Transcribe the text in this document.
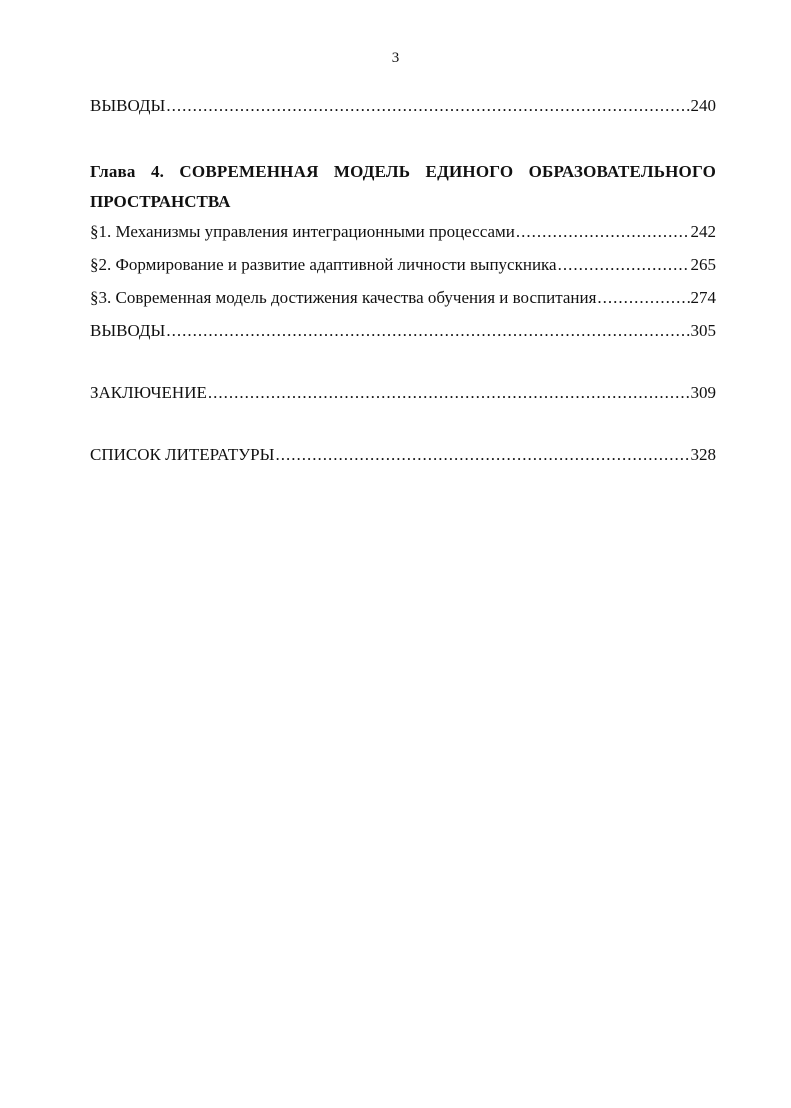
3
ВЫВОДЫ .....	240
Глава 4. СОВРЕМЕННАЯ МОДЕЛЬ ЕДИНОГО ОБРАЗОВАТЕЛЬНОГО
ПРОСТРАНСТВА
§1. Механизмы управления интеграционными процессами .....	242
§2. Формирование и развитие адаптивной личности выпускника .....	265
§3. Современная модель достижения качества обучения и воспитания .....	274
ВЫВОДЫ .....	305
ЗАКЛЮЧЕНИЕ .....	309
СПИСОК ЛИТЕРАТУРЫ .....	328
